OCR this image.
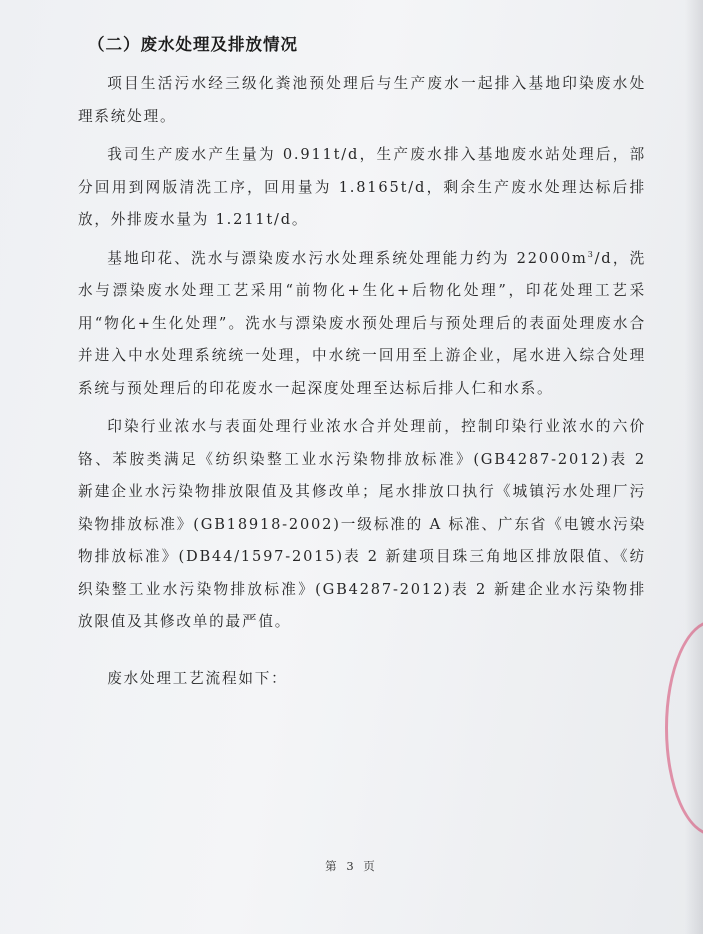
（二）废水处理及排放情况

项目生活污水经三级化粪池预处理后与生产废水一起排入基地印染废水处理系统处理。

我司生产废水产生量为 0.911t/d，生产废水排入基地废水站处理后，部分回用到网版清洗工序，回用量为 1.8165t/d，剩余生产废水处理达标后排放，外排废水量为 1.211t/d。

基地印花、洗水与漂染废水污水处理系统处理能力约为 $22000m^3/d$，洗水与漂染废水处理工艺采用“前物化+生化+后物化处理”，印花处理工艺采用“物化+生化处理”。洗水与漂染废水预处理后与预处理后的表面处理废水合并进入中水处理系统统一处理，中水统一回用至上游企业，尾水进入综合处理系统与预处理后的印花废水一起深度处理至达标后排人仁和水系。

印染行业浓水与表面处理行业浓水合并处理前，控制印染行业浓水的六价铬、苯胺类满足《纺织染整工业水污染物排放标准》(GB4287-2012)表 2 新建企业水污染物排放限值及其修改单；尾水排放口执行《城镇污水处理厂污染物排放标准》(GB18918-2002)一级标准的 A 标准、广东省《电镀水污染物排放标准》(DB44/1597-2015)表 2 新建项目珠三角地区排放限值、《纺织染整工业水污染物排放标准》(GB4287-2012)表 2 新建企业水污染物排放限值及其修改单的最严值。

废水处理工艺流程如下：

第 3 页
